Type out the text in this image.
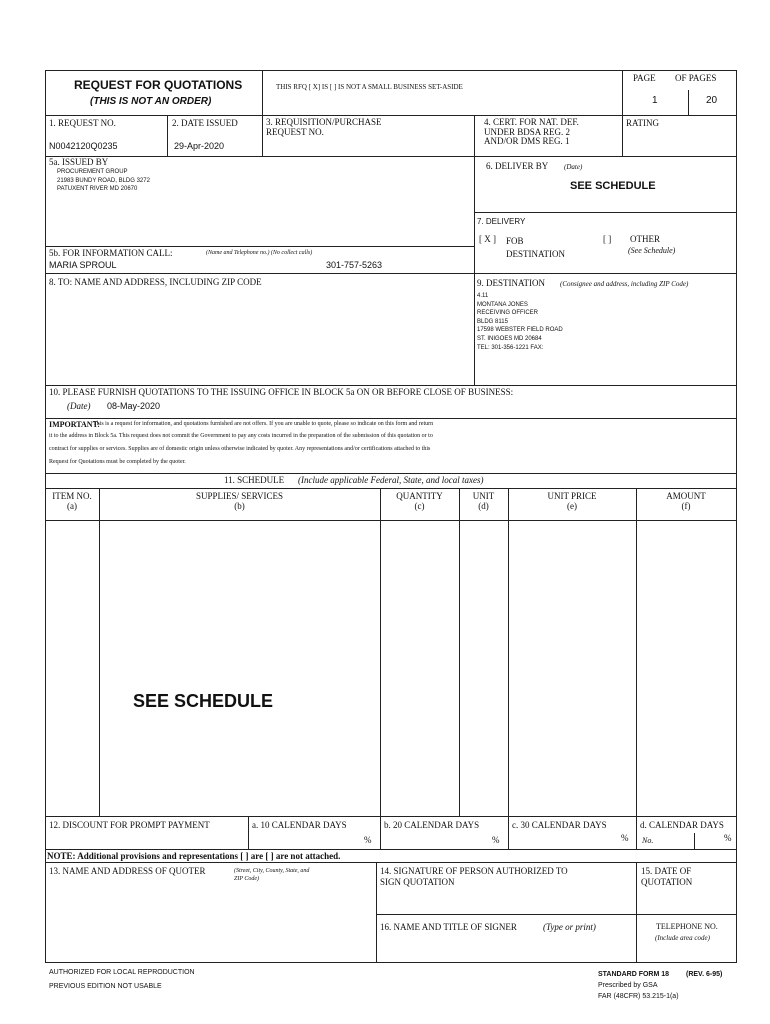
REQUEST FOR QUOTATIONS
(THIS IS NOT AN ORDER)
THIS RFQ [ X] IS [ ] IS NOT A SMALL BUSINESS SET-ASIDE
PAGE OF PAGES
1	20
1. REQUEST NO.
N0042120Q0235
2. DATE ISSUED
29-Apr-2020
3. REQUISITION/PURCHASE
REQUEST NO.
4. CERT. FOR NAT. DEF.
UNDER BDSA REG. 2
AND/OR DMS REG. 1
RATING
5a. ISSUED BY
PROCUREMENT GROUP
21983 BUNDY ROAD, BLDG 3272
PATUXENT RIVER MD 20670
6. DELIVER BY (Date)
SEE SCHEDULE
7. DELIVERY
[ X ] FOB
DESTINATION
[ ] OTHER
(See Schedule)
5b. FOR INFORMATION CALL:	(Name and Telephone no.) (No collect calls)
MARIA SPROUL	301-757-5263
8. TO: NAME AND ADDRESS, INCLUDING ZIP CODE	9. DESTINATION (Consignee and address, including ZIP Code)
4.11
MONTANA JONES
RECEIVING OFFICER
BLDG 8115
17598 WEBSTER FIELD ROAD
ST. INIGOES MD 20684
TEL: 301-356-1221 FAX:
10. PLEASE FURNISH QUOTATIONS TO THE ISSUING OFFICE IN BLOCK 5a ON OR BEFORE CLOSE OF BUSINESS:
(Date) 08-May-2020
IMPORTANT:
This is a request for information, and quotations furnished are not offers. If you are unable to quote, please so indicate on this form and return
it to the address in Block 5a. This request does not commit the Government to pay any costs incurred in the preparation of the submission of this quotation or to
contract for supplies or services. Supplies are of domestic origin unless otherwise indicated by quoter. Any representations and/or certifications attached to this
Request for Quotations must be completed by the quoter.
11. SCHEDULE (Include applicable Federal, State, and local taxes)
ITEM NO.
(a)
SUPPLIES/ SERVICES
(b)
QUANTITY
(c)
UNIT
(d)
UNIT PRICE
(e)
AMOUNT
(f)
SEE SCHEDULE
12. DISCOUNT FOR PROMPT PAYMENT	a. 10 CALENDAR DAYS
%
b. 20 CALENDAR DAYS
%
c. 30 CALENDAR DAYS
%
d. CALENDAR DAYS
No.	%
NOTE: Additional provisions and representations [ ] are [ ] are not attached.
13. NAME AND ADDRESS OF QUOTER	(Street, City, County, State, and
ZIP Code)
14. SIGNATURE OF PERSON AUTHORIZED TO
SIGN QUOTATION
15. DATE OF
QUOTATION
16. NAME AND TITLE OF SIGNER	(Type or print)	TELEPHONE NO.
(Include area code)
AUTHORIZED FOR LOCAL REPRODUCTION
PREVIOUS EDITION NOT USABLE
STANDARD FORM 18 (REV. 6-95)
Prescribed by GSA
FAR (48CFR) 53.215-1(a)
